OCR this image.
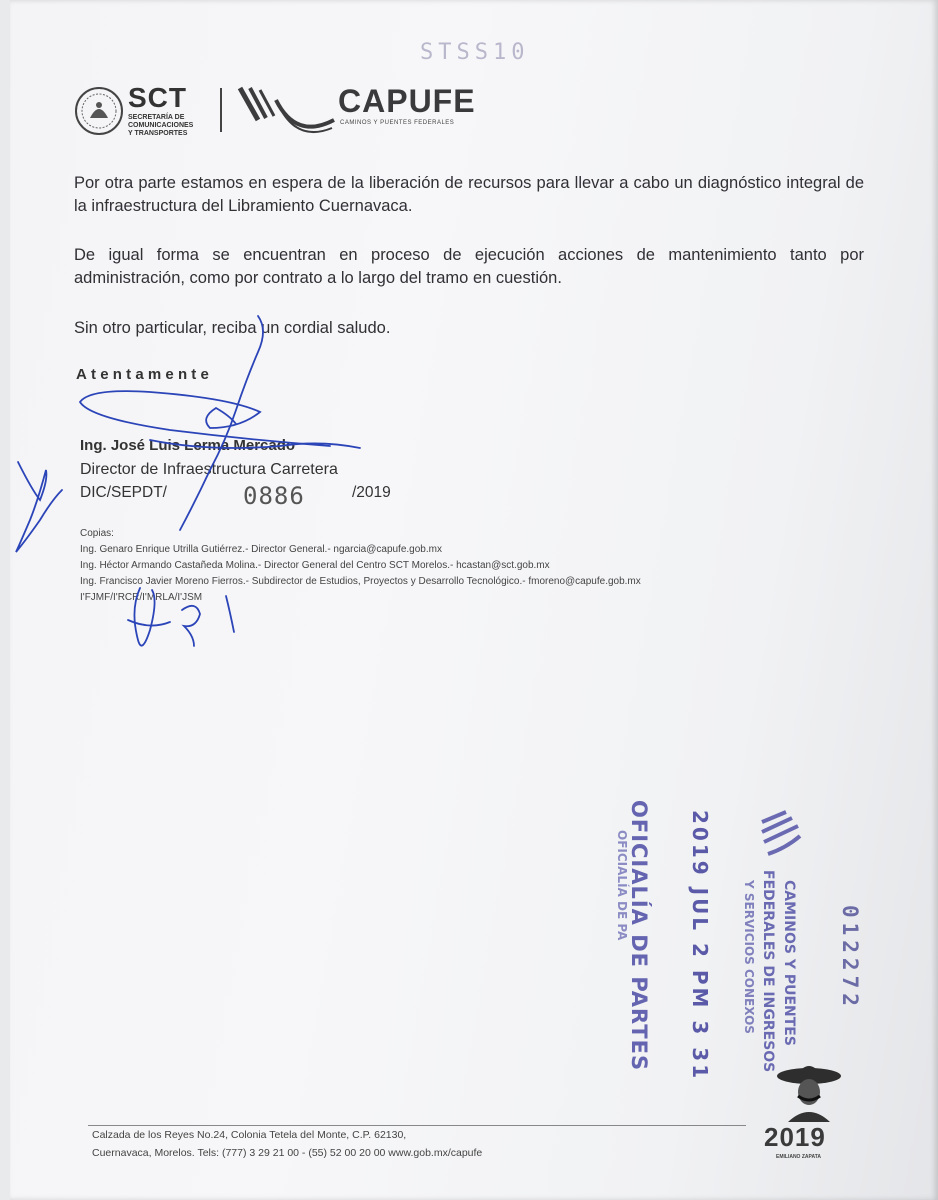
SCT
SECRETARÍA DE
COMUNICACIONES
Y TRANSPORTES
CAPUFE
CAMINOS Y PUENTES FEDERALES
STSS10
Por otra parte estamos en espera de la liberación de recursos para llevar a cabo un diagnóstico integral de la infraestructura del Libramiento Cuernavaca.
De igual forma se encuentran en proceso de ejecución acciones de mantenimiento tanto por administración, como por contrato a lo largo del tramo en cuestión.
Sin otro particular, reciba un cordial saludo.
Atentamente
Ing. José Luis Lerma Mercado
Director de Infraestructura Carretera
DIC/SEPDT/	0886	/2019
Copias:
Ing. Genaro Enrique Utrilla Gutiérrez.- Director General.- ngarcia@capufe.gob.mx
Ing. Héctor Armando Castañeda Molina.- Director General del Centro SCT Morelos.- hcastan@sct.gob.mx
Ing. Francisco Javier Moreno Fierros.- Subdirector de Estudios, Proyectos y Desarrollo Tecnológico.- fmoreno@capufe.gob.mx
I'FJMF/I'RCR/I'MRLA/I'JSM
2019 JUL 2 PM 3 31
OFICIALÍA DE PARTES
OFICIALÍA DE PA	CAMINOS Y PUENTES
FEDERALES DE INGRESOS
Y SERVICIOS CONEXOS	012272
Calzada de los Reyes No.24, Colonia Tetela del Monte, C.P. 62130,
Cuernavaca, Morelos. Tels: (777) 3 29 21 00 - (55) 52 00 20 00 www.gob.mx/capufe
2019
EMILIANO ZAPATA
